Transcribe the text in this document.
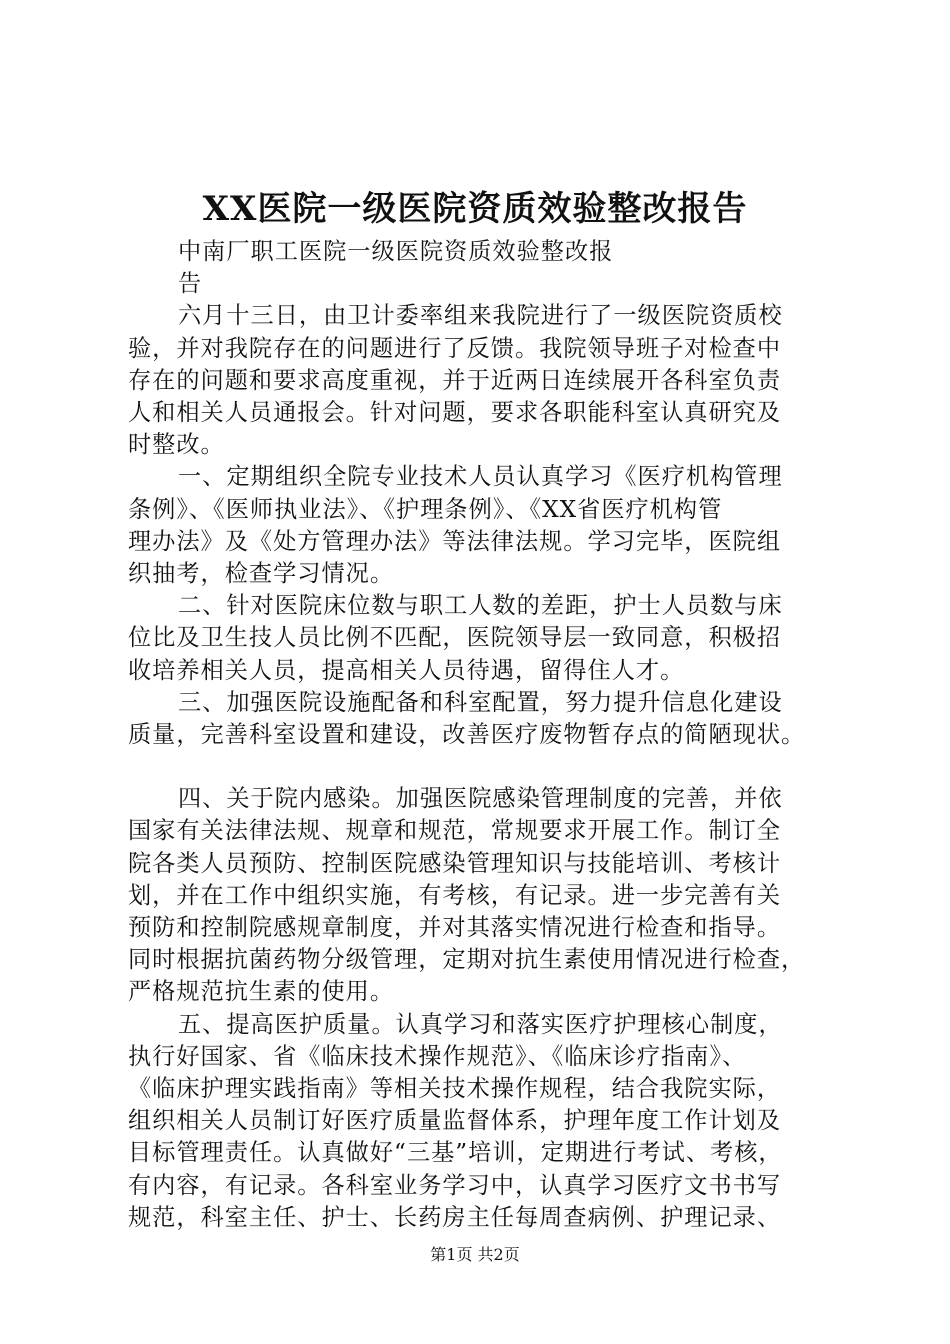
XX医院一级医院资质效验整改报告
中南厂职工医院一级医院资质效验整改报
告
六月十三日，由卫计委率组来我院进行了一级医院资质校
验，并对我院存在的问题进行了反馈。我院领导班子对检查中
存在的问题和要求高度重视，并于近两日连续展开各科室负责
人和相关人员通报会。针对问题，要求各职能科室认真研究及
时整改。
一、定期组织全院专业技术人员认真学习《医疗机构管理
条例》、《医师执业法》、《护理条例》、《XX省医疗机构管
理办法》及《处方管理办法》等法律法规。学习完毕，医院组
织抽考，检查学习情况。
二、针对医院床位数与职工人数的差距，护士人员数与床
位比及卫生技人员比例不匹配，医院领导层一致同意，积极招
收培养相关人员，提高相关人员待遇，留得住人才。
三、加强医院设施配备和科室配置，努力提升信息化建设
质量，完善科室设置和建设，改善医疗废物暂存点的简陋现状。
四、关于院内感染。加强医院感染管理制度的完善，并依
国家有关法律法规、规章和规范，常规要求开展工作。制订全
院各类人员预防、控制医院感染管理知识与技能培训、考核计
划，并在工作中组织实施，有考核，有记录。进一步完善有关
预防和控制院感规章制度，并对其落实情况进行检查和指导。
同时根据抗菌药物分级管理，定期对抗生素使用情况进行检查，
严格规范抗生素的使用。
五、提高医护质量。认真学习和落实医疗护理核心制度，
执行好国家、省《临床技术操作规范》、《临床诊疗指南》、
《临床护理实践指南》等相关技术操作规程，结合我院实际，
组织相关人员制订好医疗质量监督体系，护理年度工作计划及
目标管理责任。认真做好“三基”培训，定期进行考试、考核，
有内容，有记录。各科室业务学习中，认真学习医疗文书书写
规范，科室主任、护士、长药房主任每周查病例、护理记录、
第1页 共2页
